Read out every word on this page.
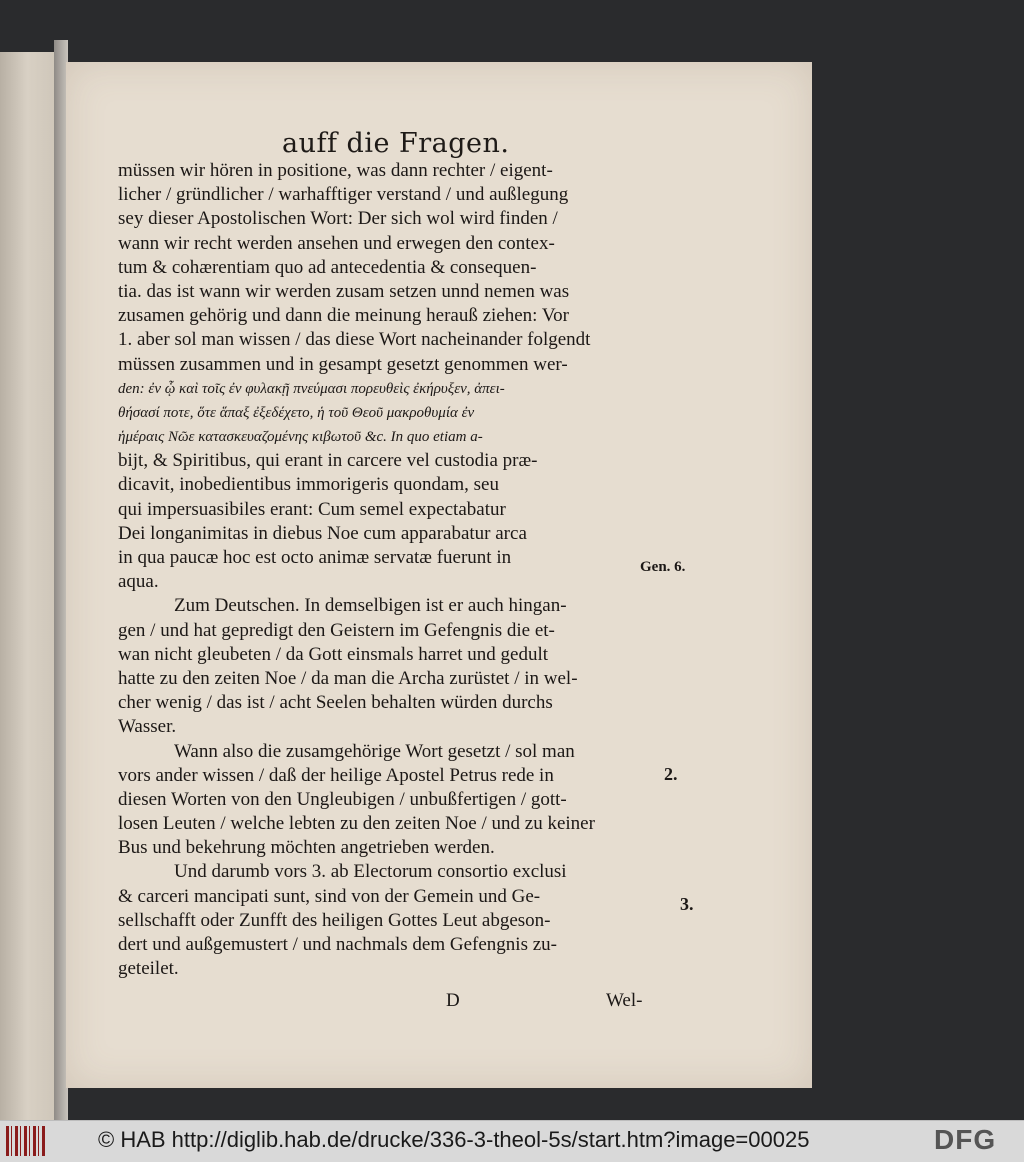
auff die Fragen.
müssen wir hören in positione, was dann rechter / eigent-
licher / gründlicher / warhafftiger verstand / und außlegung
sey dieser Apostolischen Wort: Der sich wol wird finden /
wann wir recht werden ansehen und erwegen den contex-
tum & cohærentiam quo ad antecedentia & consequen-
tia. das ist wann wir werden zusam setzen unnd nemen was
zusamen gehörig und dann die meinung herauß ziehen: Vor
1. aber sol man wissen / das diese Wort nacheinander folgendt
müssen zusammen und in gesampt gesetzt genommen wer-
den: ἐν ᾧ καὶ τοῖς ἐν φυλακῇ πνεύμασι πορευθεὶς ἐκήρυξεν, ἀπει-
θήσασί ποτε, ὅτε ἅπαξ ἐξεδέχετο, ἡ τοῦ Θεοῦ μακροθυμία ἐν
ἡμέραις Νῶε κατασκευαζομένης κιβωτοῦ &c. In quo etiam a-
bijt, & Spiritibus, qui erant in carcere vel custodia præ-
dicavit, inobedientibus immorigeris quondam, seu
qui impersuasibiles erant: Cum semel expectabatur
Dei longanimitas in diebus Noe cum apparabatur arca
in qua paucæ hoc est octo animæ servatæ fuerunt in
aqua.
Zum Deutschen. In demselbigen ist er auch hingan-
gen / und hat gepredigt den Geistern im Gefengnis die et-
wan nicht gleubeten / da Gott einsmals harret und gedult
hatte zu den zeiten Noe / da man die Archa zurüstet / in wel-
cher wenig / das ist / acht Seelen behalten würden durchs
Wasser.
Wann also die zusamgehörige Wort gesetzt / sol man
vors ander wissen / daß der heilige Apostel Petrus rede in
diesen Worten von den Ungleubigen / unbußfertigen / gott-
losen Leuten / welche lebten zu den zeiten Noe / und zu keiner
Bus und bekehrung möchten angetrieben werden.
Und darumb vors 3. ab Electorum consortio exclusi
& carceri mancipati sunt, sind von der Gemein und Ge-
sellschafft oder Zunfft des heiligen Gottes Leut abgeson-
dert und außgemustert / und nachmals dem Gefengnis zu-
geteilet.
Gen. 6.
2.
3.
D	Wel-
© HAB http://diglib.hab.de/drucke/336-3-theol-5s/start.htm?image=00025	DFG
